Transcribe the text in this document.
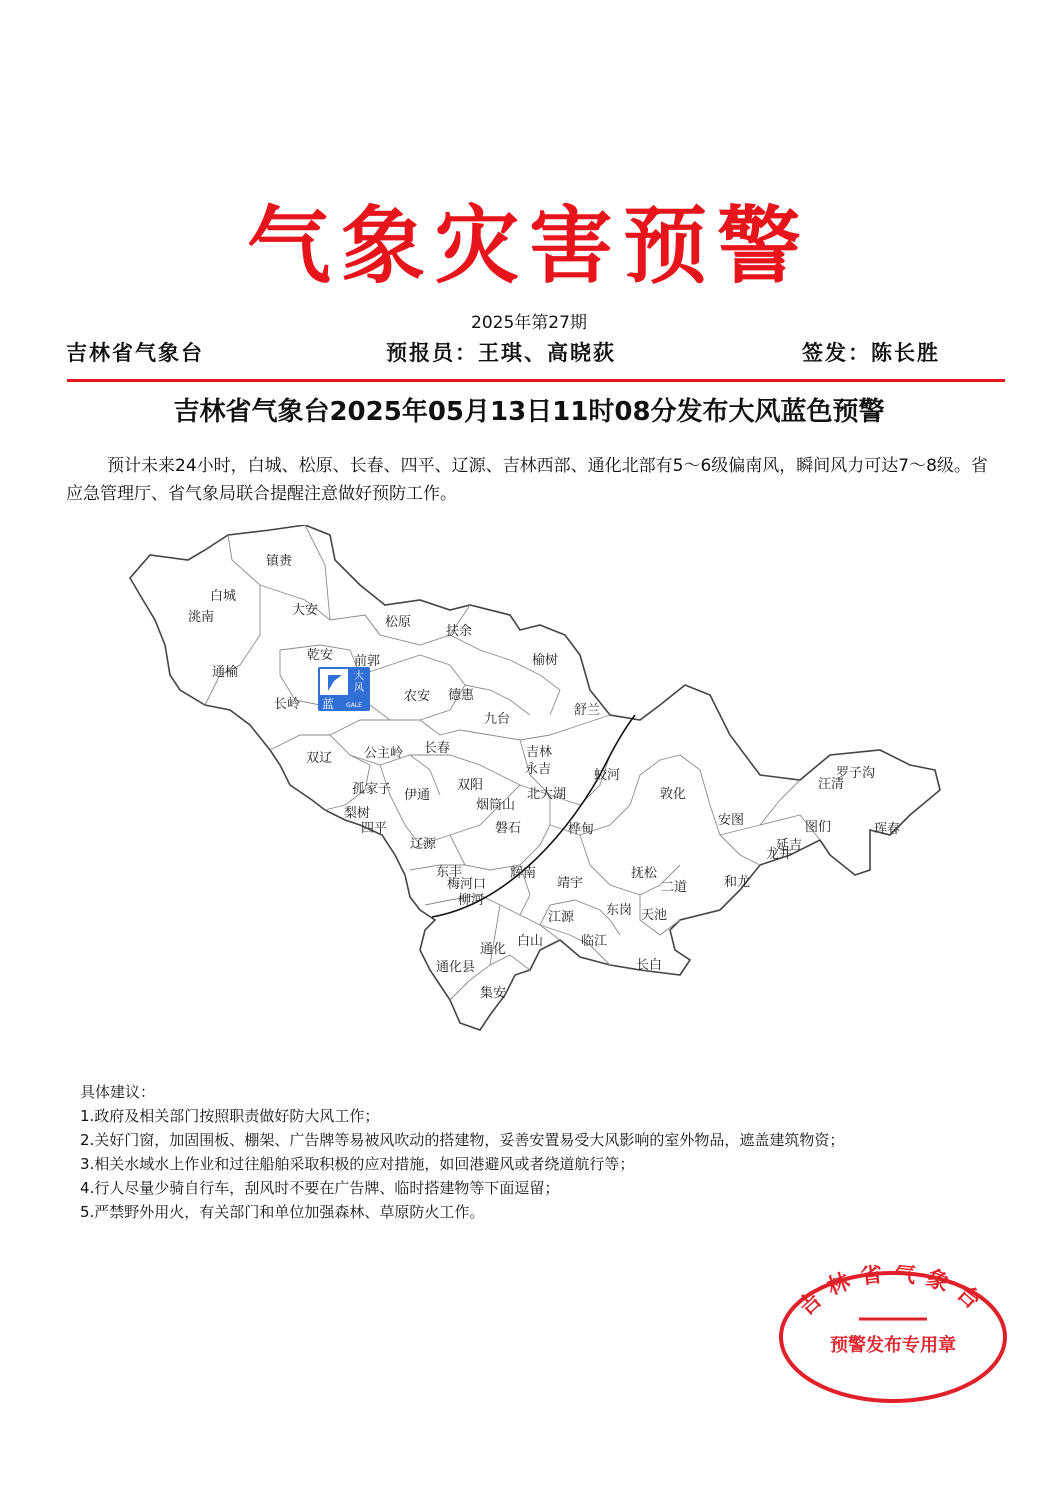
气象灾害预警
2025年第27期
吉林省气象台	预报员：王琪、高晓荻	签发：陈长胜
吉林省气象台2025年05月13日11时08分发布大风蓝色预警
预计未来24小时，白城、松原、长春、四平、辽源、吉林西部、通化北部有5～6级偏南风，瞬间风力可达7～8级。省应急管理厅、省气象局联合提醒注意做好预防工作。
大
风
蓝 GALE
镇赉
白城
洮南	大安
松原
扶余
通榆
乾安 前郭	榆树
长岭
农安 德惠
九台
舒兰
双辽 公主岭 长春	吉林
永吉	蛟河
敦化
罗子沟
汪清
孤家子 伊通
双阳
烟筒山
北大湖
梨树
四平	磐石	桦甸
安图	图们	珲春
辽源	延吉
龙井
东丰	辉南	抚松
二道	和龙
梅河口	靖宇
柳河
东岗 天池
江源
通化
白山	临江
通化县	长白
集安
具体建议：
1.政府及相关部门按照职责做好防大风工作；
2.关好门窗，加固围板、棚架、广告牌等易被风吹动的搭建物，妥善安置易受大风影响的室外物品，遮盖建筑物资；
3.相关水域水上作业和过往船舶采取积极的应对措施，如回港避风或者绕道航行等；
4.行人尽量少骑自行车，刮风时不要在广告牌、临时搭建物等下面逗留；
5.严禁野外用火，有关部门和单位加强森林、草原防火工作。
吉林省气象台
预警发布专用章
